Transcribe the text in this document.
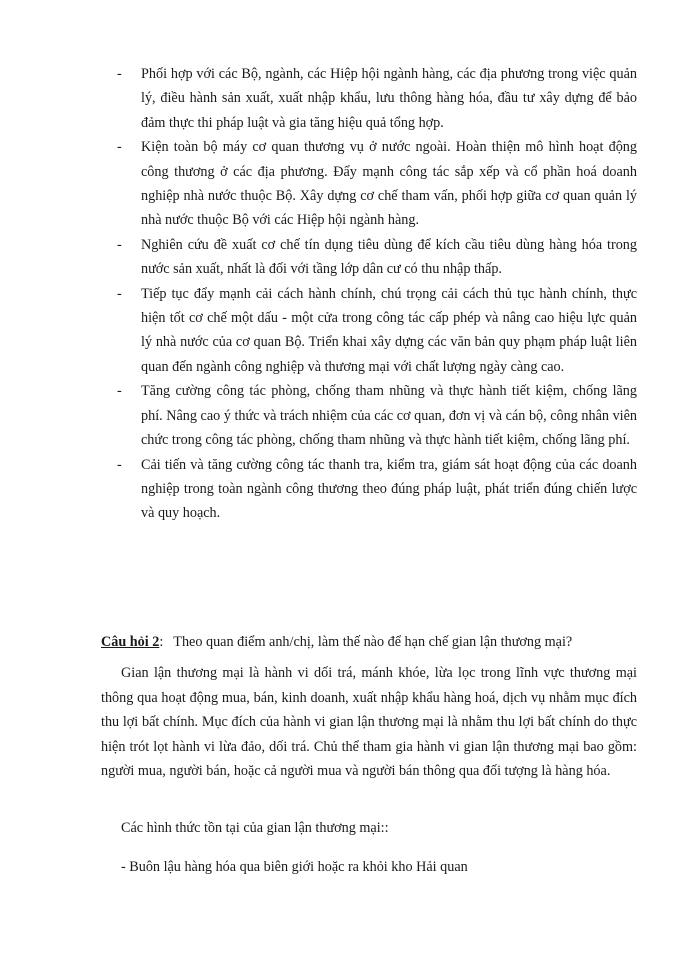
- Phối hợp với các Bộ, ngành, các Hiệp hội ngành hàng, các địa phương trong việc quản lý, điều hành sản xuất, xuất nhập khẩu, lưu thông hàng hóa, đầu tư xây dựng để bảo đảm thực thi pháp luật và gia tăng hiệu quả tổng hợp.
- Kiện toàn bộ máy cơ quan thương vụ ở nước ngoài. Hoàn thiện mô hình hoạt động công thương ở các địa phương. Đẩy mạnh công tác sắp xếp và cổ phần hoá doanh nghiệp nhà nước thuộc Bộ. Xây dựng cơ chế tham vấn, phối hợp giữa cơ quan quản lý nhà nước thuộc Bộ với các Hiệp hội ngành hàng.
- Nghiên cứu đề xuất cơ chế tín dụng tiêu dùng để kích cầu tiêu dùng hàng hóa trong nước sản xuất, nhất là đối với tầng lớp dân cư có thu nhập thấp.
- Tiếp tục đẩy mạnh cải cách hành chính, chú trọng cải cách thủ tục hành chính, thực hiện tốt cơ chế một dấu - một cửa trong công tác cấp phép và nâng cao hiệu lực quản lý nhà nước của cơ quan Bộ. Triển khai xây dựng các văn bản quy phạm pháp luật liên quan đến ngành công nghiệp và thương mại với chất lượng ngày càng cao.
- Tăng cường công tác phòng, chống tham nhũng và thực hành tiết kiệm, chống lãng phí. Nâng cao ý thức và trách nhiệm của các cơ quan, đơn vị và cán bộ, công nhân viên chức trong công tác phòng, chống tham nhũng và thực hành tiết kiệm, chống lãng phí.
- Cải tiến và tăng cường công tác thanh tra, kiểm tra, giám sát hoạt động của các doanh nghiệp trong toàn ngành công thương theo đúng pháp luật, phát triển đúng chiến lược và quy hoạch.
Câu hỏi 2: Theo quan điểm anh/chị, làm thế nào để hạn chế gian lận thương mại?

Gian lận thương mại là hành vi dối trá, mánh khóe, lừa lọc trong lĩnh vực thương mại thông qua hoạt động mua, bán, kinh doanh, xuất nhập khẩu hàng hoá, dịch vụ nhằm mục đích thu lợi bất chính. Mục đích của hành vi gian lận thương mại là nhằm thu lợi bất chính do thực hiện trót lọt hành vi lừa đảo, dối trá. Chủ thể tham gia hành vi gian lận thương mại bao gồm: người mua, người bán, hoặc cả người mua và người bán thông qua đối tượng là hàng hóa.

Các hình thức tồn tại của gian lận thương mại::

- Buôn lậu hàng hóa qua biên giới hoặc ra khỏi kho Hải quan
